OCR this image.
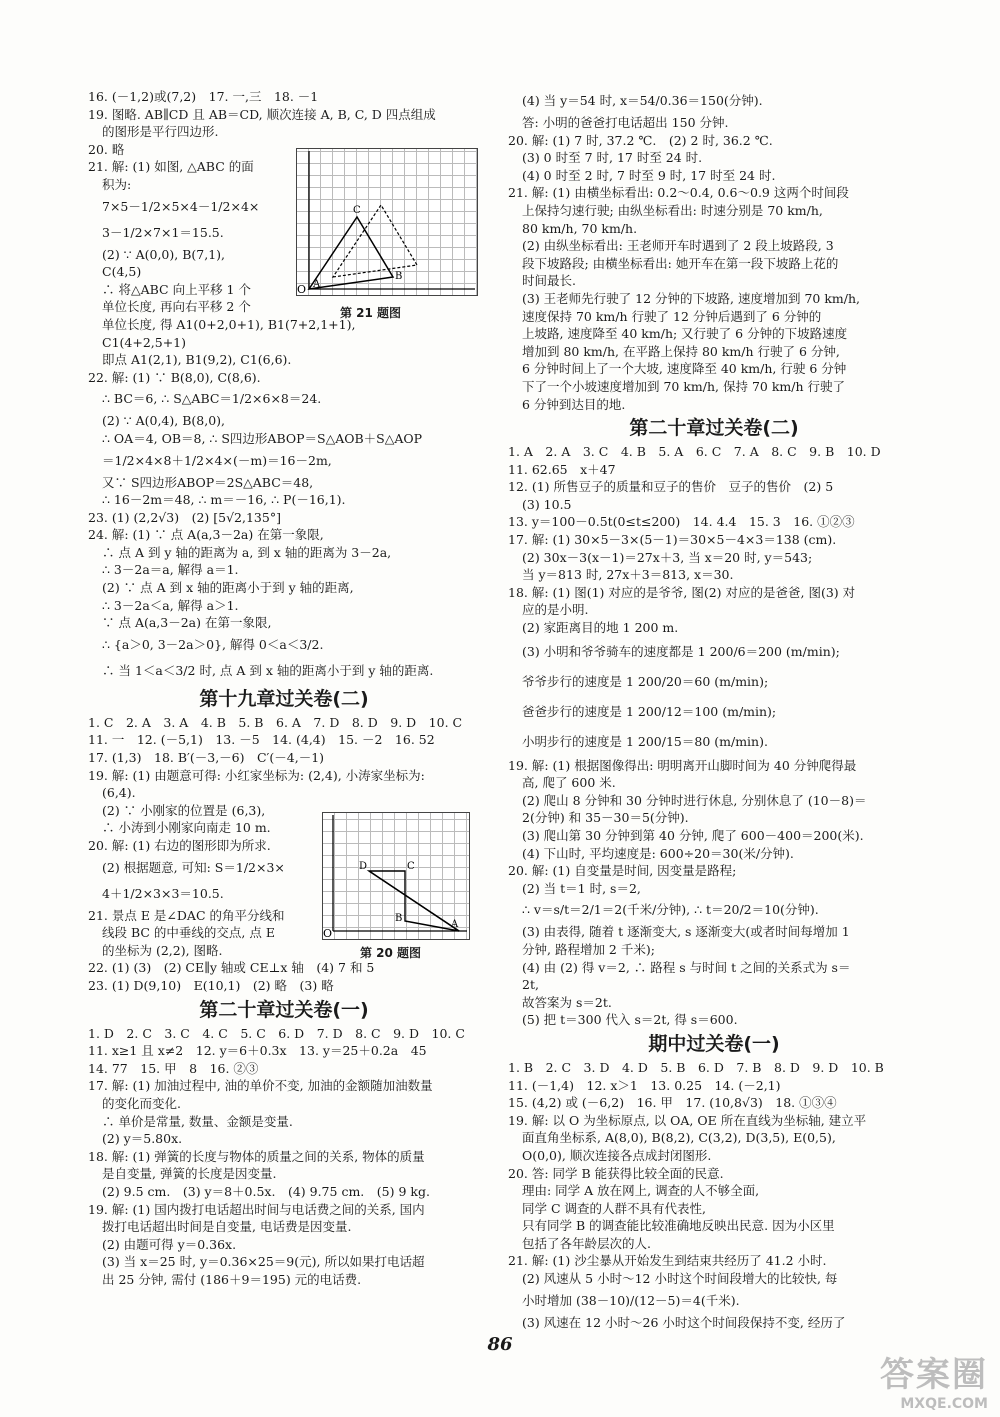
16. (－1,2)或(7,2)　17. 一,三　18. －1
19. 图略. AB∥CD 且 AB＝CD, 顺次连接 A, B, C, D 四点组成
的图形是平行四边形.
20. 略
21. 解: (1) 如图, △ABC 的面
积为:
7×5－1/2×5×4－1/2×4×
3－1/2×7×1＝15.5.
(2) ∵ A(0,0), B(7,1),
C(4,5)
∴ 将△ABC 向上平移 1 个
单位长度, 再向右平移 2 个
单位长度, 得 A1(0+2,0+1), B1(7+2,1+1),
C1(4+2,5+1)
即点 A1(2,1), B1(9,2), C1(6,6).
22. 解: (1) ∵ B(8,0), C(8,6).
∴ BC＝6, ∴ S△ABC＝1/2×6×8＝24.
(2) ∵ A(0,4), B(8,0),
∴ OA＝4, OB＝8, ∴ S四边形ABOP＝S△AOB＋S△AOP
＝1/2×4×8＋1/2×4×(－m)＝16－2m,
又∵ S四边形ABOP＝2S△ABC＝48,
∴ 16－2m＝48, ∴ m＝－16, ∴ P(－16,1).
23. (1) (2,2√3)　(2) [5√2,135°]
24. 解: (1) ∵ 点 A(a,3－2a) 在第一象限,
∴ 点 A 到 y 轴的距离为 a, 到 x 轴的距离为 3－2a,
∴ 3－2a＝a, 解得 a＝1.
(2) ∵ 点 A 到 x 轴的距离小于到 y 轴的距离,
∴ 3－2a＜a, 解得 a＞1.
∵ 点 A(a,3－2a) 在第一象限,
∴ {a＞0, 3－2a＞0}, 解得 0＜a＜3/2.
∴ 当 1＜a＜3/2 时, 点 A 到 x 轴的距离小于到 y 轴的距离.
第十九章过关卷(二)
1. C　2. A　3. A　4. B　5. B　6. A　7. D　8. D　9. D　10. C
11. 一　12. (－5,1)　13. －5　14. (4,4)　15. －2　16. 52
17. (1,3)　18. B′(－3,－6)　C′(－4,－1)
19. 解: (1) 由题意可得: 小红家坐标为: (2,4), 小涛家坐标为:
(6,4).
(2) ∵ 小刚家的位置是 (6,3),
∴ 小涛到小刚家向南走 10 m.
20. 解: (1) 右边的图形即为所求.
(2) 根据题意, 可知: S＝1/2×3×
4＋1/2×3×3＝10.5.
21. 景点 E 是∠DAC 的角平分线和
线段 BC 的中垂线的交点, 点 E
的坐标为 (2,2), 图略.
22. (1) (3)　(2) CE∥y 轴或 CE⊥x 轴　(4) 7 和 5
23. (1) D(9,10)　E(10,1)　(2) 略　(3) 略
第二十章过关卷(一)
1. D　2. C　3. C　4. C　5. C　6. D　7. D　8. C　9. D　10. C
11. x≥1 且 x≠2　12. y＝6＋0.3x　13. y＝25＋0.2a　45
14. 77　15. 甲　8　16. ②③
17. 解: (1) 加油过程中, 油的单价不变, 加油的金额随加油数量
的变化而变化.
∴ 单价是常量, 数量、金额是变量.
(2) y＝5.80x.
18. 解: (1) 弹簧的长度与物体的质量之间的关系, 物体的质量
是自变量, 弹簧的长度是因变量.
(2) 9.5 cm.　(3) y＝8＋0.5x.　(4) 9.75 cm.　(5) 9 kg.
19. 解: (1) 国内拨打电话超出时间与电话费之间的关系, 国内
拨打电话超出时间是自变量, 电话费是因变量.
(2) 由题可得 y＝0.36x.
(3) 当 x＝25 时, y＝0.36×25＝9(元), 所以如果打电话超
出 25 分钟, 需付 (186＋9＝195) 元的电话费.
O A
B
C
第 21 题图
O
D	C
B
A
第 20 题图
(4) 当 y＝54 时, x＝54/0.36＝150(分钟).
答: 小明的爸爸打电话超出 150 分钟.
20. 解: (1) 7 时, 37.2 ℃.　(2) 2 时, 36.2 ℃.
(3) 0 时至 7 时, 17 时至 24 时.
(4) 0 时至 2 时, 7 时至 9 时, 17 时至 24 时.
21. 解: (1) 由横坐标看出: 0.2～0.4, 0.6～0.9 这两个时间段
上保持匀速行驶; 由纵坐标看出: 时速分别是 70 km/h,
80 km/h, 70 km/h.
(2) 由纵坐标看出: 王老师开车时遇到了 2 段上坡路段, 3
段下坡路段; 由横坐标看出: 她开车在第一段下坡路上花的
时间最长.
(3) 王老师先行驶了 12 分钟的下坡路, 速度增加到 70 km/h,
速度保持 70 km/h 行驶了 12 分钟后遇到了 6 分钟的
上坡路, 速度降至 40 km/h; 又行驶了 6 分钟的下坡路速度
增加到 80 km/h, 在平路上保持 80 km/h 行驶了 6 分钟,
6 分钟时间上了一个大坡, 速度降至 40 km/h, 行驶 6 分钟
下了一个小坡速度增加到 70 km/h, 保持 70 km/h 行驶了
6 分钟到达目的地.
第二十章过关卷(二)
1. A　2. A　3. C　4. B　5. A　6. C　7. A　8. C　9. B　10. D
11. 62.65　x＋47
12. (1) 所售豆子的质量和豆子的售价　豆子的售价　(2) 5
(3) 10.5
13. y＝100－0.5t(0≤t≤200)　14. 4.4　15. 3　16. ①②③
17. 解: (1) 30×5－3×(5－1)＝30×5－4×3＝138 (cm).
(2) 30x－3(x－1)＝27x＋3, 当 x＝20 时, y＝543;
当 y＝813 时, 27x＋3＝813, x＝30.
18. 解: (1) 图(1) 对应的是爷爷, 图(2) 对应的是爸爸, 图(3) 对
应的是小明.
(2) 家距离目的地 1 200 m.
(3) 小明和爷爷骑车的速度都是 1 200/6＝200 (m/min);
爷爷步行的速度是 1 200/20＝60 (m/min);
爸爸步行的速度是 1 200/12＝100 (m/min);
小明步行的速度是 1 200/15＝80 (m/min).
19. 解: (1) 根据图像得出: 明明离开山脚时间为 40 分钟爬得最
高, 爬了 600 米.
(2) 爬山 8 分钟和 30 分钟时进行休息, 分别休息了 (10－8)＝
2(分钟) 和 35－30＝5(分钟).
(3) 爬山第 30 分钟到第 40 分钟, 爬了 600－400＝200(米).
(4) 下山时, 平均速度是: 600÷20＝30(米/分钟).
20. 解: (1) 自变量是时间, 因变量是路程;
(2) 当 t＝1 时, s＝2,
∴ v＝s/t＝2/1＝2(千米/分钟), ∴ t＝20/2＝10(分钟).
(3) 由表得, 随着 t 逐渐变大, s 逐渐变大(或者时间每增加 1
分钟, 路程增加 2 千米);
(4) 由 (2) 得 v＝2, ∴ 路程 s 与时间 t 之间的关系式为 s＝
2t,
故答案为 s＝2t.
(5) 把 t＝300 代入 s＝2t, 得 s＝600.
期中过关卷(一)
1. B　2. C　3. D　4. D　5. B　6. D　7. B　8. D　9. D　10. B
11. (－1,4)　12. x＞1　13. 0.25　14. (－2,1)
15. (4,2) 或 (－6,2)　16. 甲　17. (10,8√3)　18. ①③④
19. 解: 以 O 为坐标原点, 以 OA, OE 所在直线为坐标轴, 建立平
面直角坐标系, A(8,0), B(8,2), C(3,2), D(3,5), E(0,5),
O(0,0), 顺次连接各点成封闭图形.
20. 答: 同学 B 能获得比较全面的民意.
理由: 同学 A 放在网上, 调查的人不够全面,
同学 C 调查的人群不具有代表性,
只有同学 B 的调查能比较准确地反映出民意. 因为小区里
包括了各年龄层次的人.
21. 解: (1) 沙尘暴从开始发生到结束共经历了 41.2 小时.
(2) 风速从 5 小时～12 小时这个时间段增大的比较快, 每
小时增加 (38－10)/(12－5)＝4(千米).
(3) 风速在 12 小时～26 小时这个时间段保持不变, 经历了
86
答案圈
MXQE.COM
